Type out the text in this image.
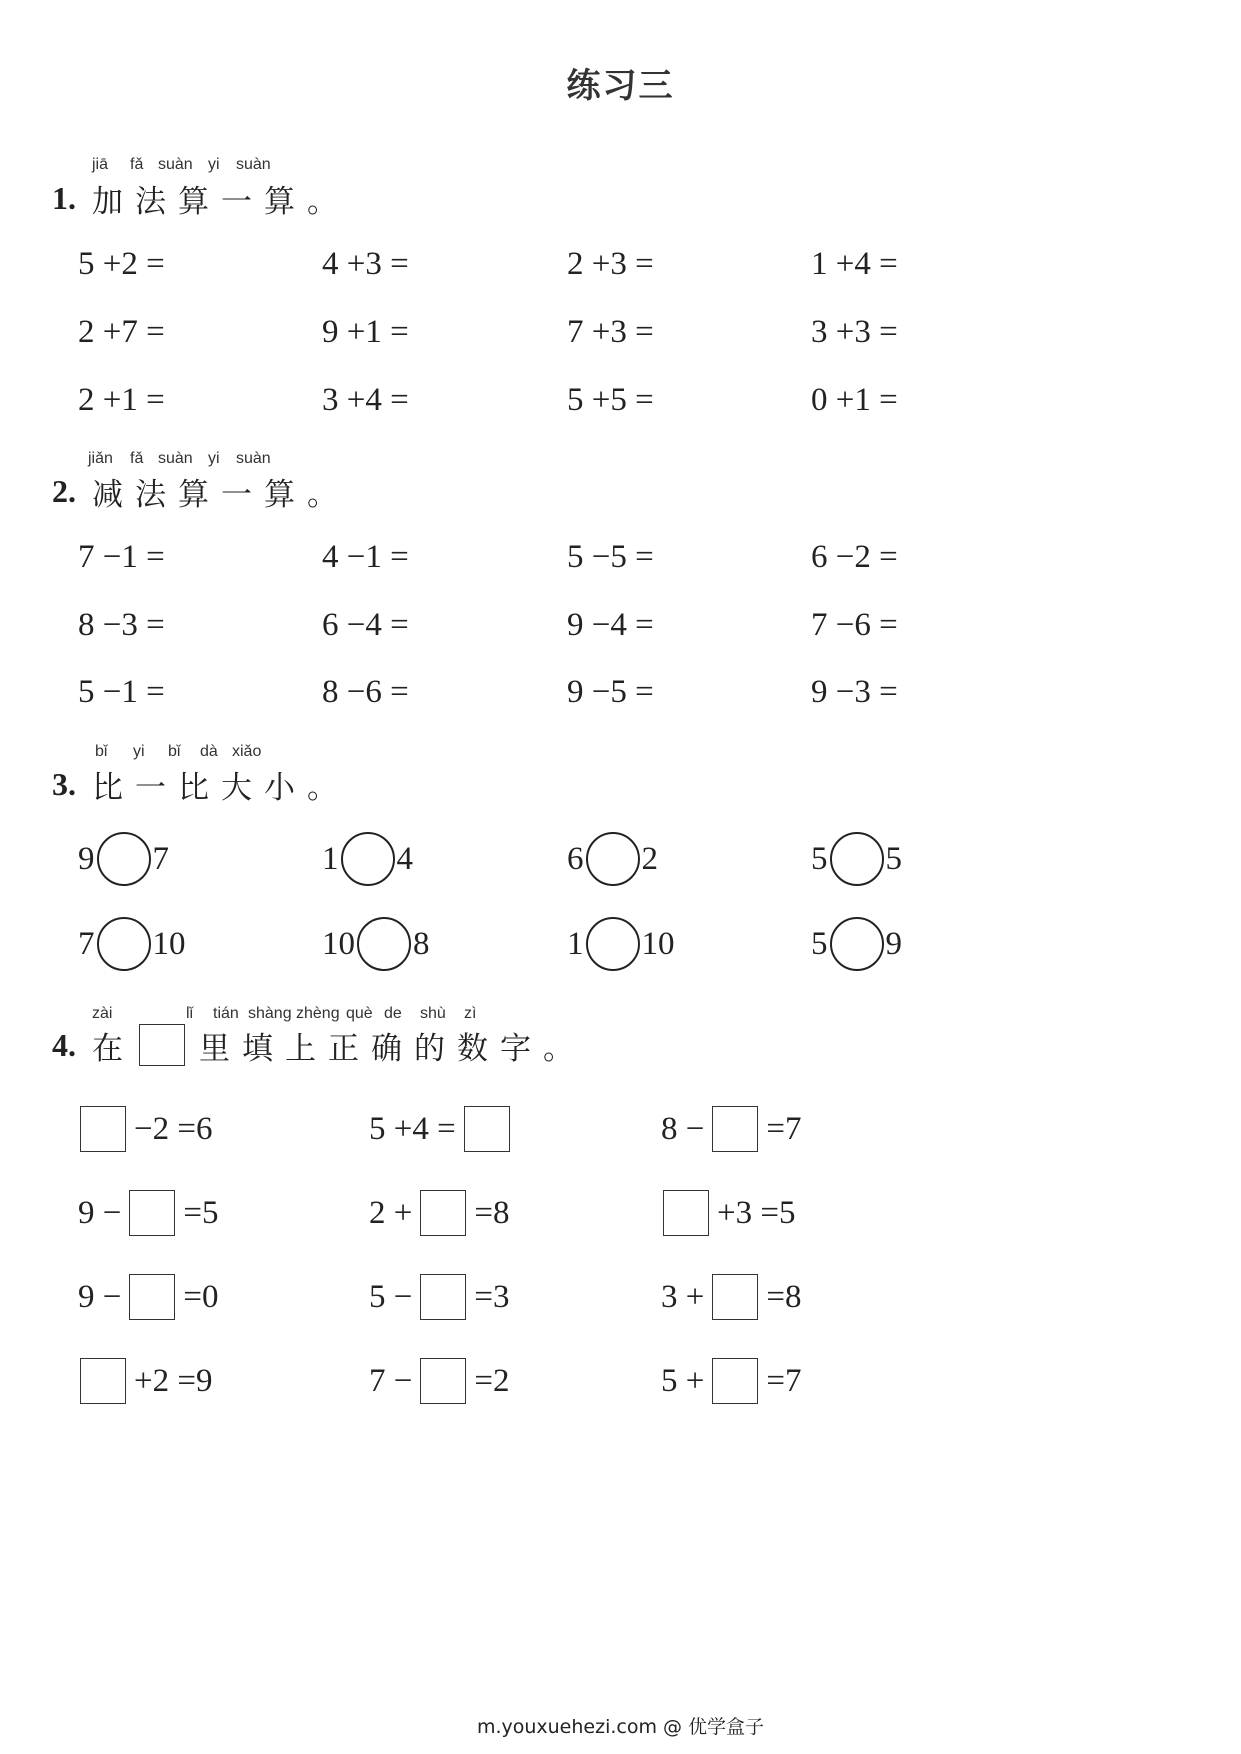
练习三
jiā fǎ suàn yi suàn
1. 加法算一算。
5 +2 =	4 +3 =	2 +3 =	1 +4 =
2 +7 =	9 +1 =	7 +3 =	3 +3 =
2 +1 =	3 +4 =	5 +5 =	0 +1 =
jiǎn fǎ suàn yi suàn
2. 减法算一算。
7 −1 =	4 −1 =	5 −5 =	6 −2 =
8 −3 =	6 −4 =	9 −4 =	7 −6 =
5 −1 =	8 −6 =	9 −5 =	9 −3 =
bǐ yi bǐ dà xiǎo
3. 比一比大小。
9 7	1 4	6 2	5 5
7 10	10 8	1 10	5 9
zài	lǐ tián shàng zhèng què de shù zì
4. 在 里填上正确的数字。
−2 =6	5 +4 =	8 − =7
9 − =5	2 + =8	+3 =5
9 − =0	5 − =3	3 + =8
+2 =9	7 − =2	5 + =7
m.youxuehezi.com @ 优学盒子
